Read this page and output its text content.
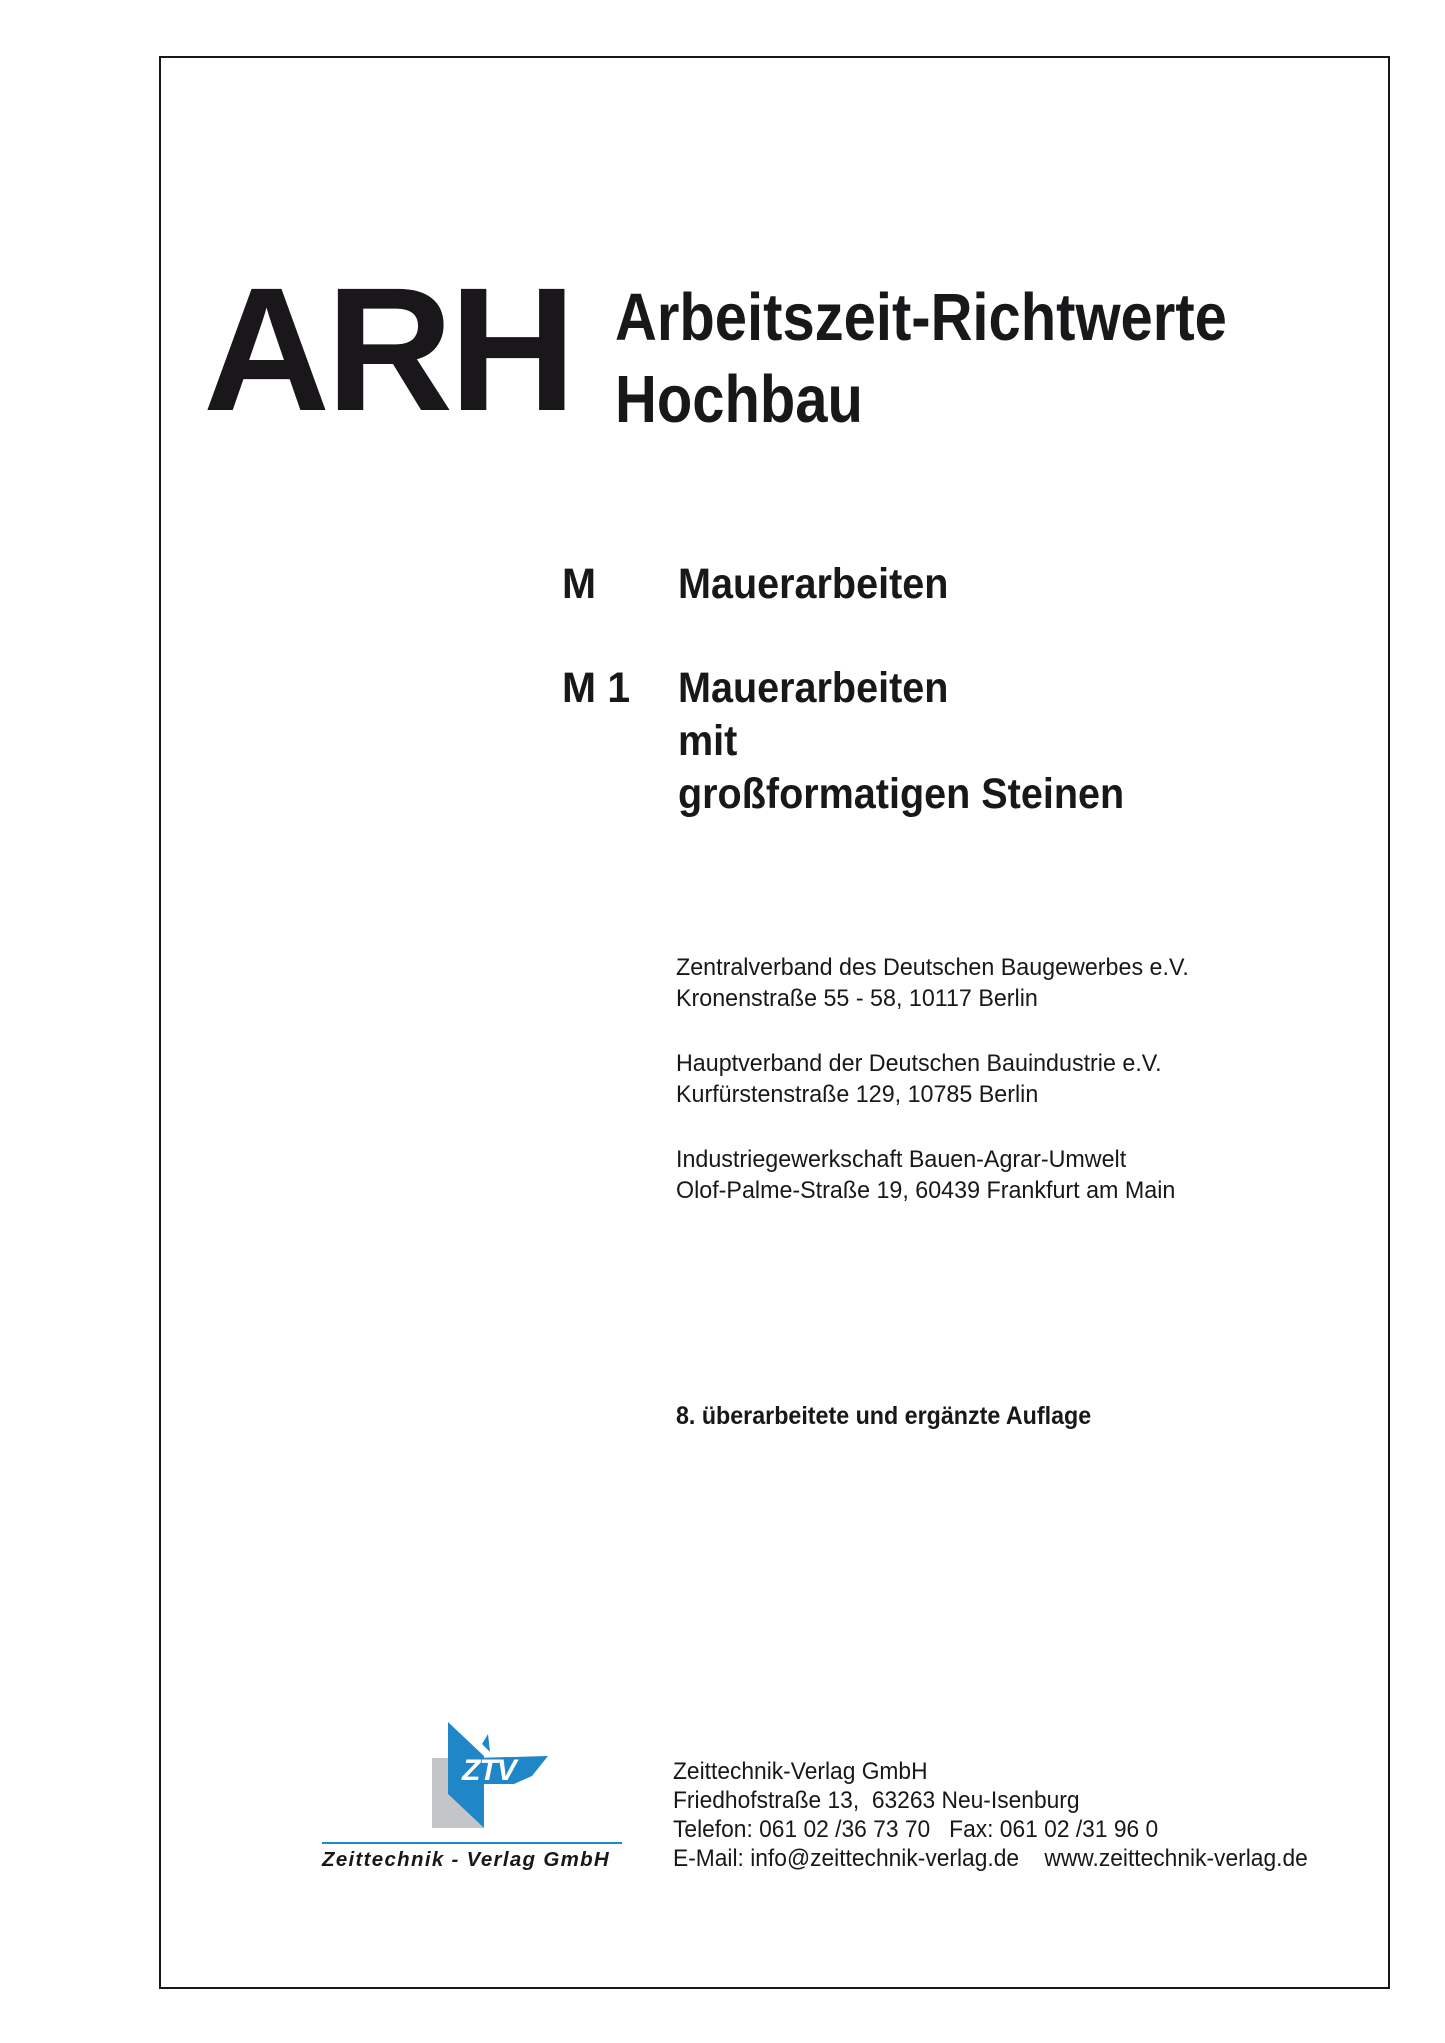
ARH Arbeitszeit-Richtwerte
Hochbau
M Mauerarbeiten
M 1 Mauerarbeiten
mit
großformatigen Steinen
Zentralverband des Deutschen Baugewerbes e.V.
Kronenstraße 55 - 58, 10117 Berlin
Hauptverband der Deutschen Bauindustrie e.V.
Kurfürstenstraße 129, 10785 Berlin
Industriegewerkschaft Bauen-Agrar-Umwelt
Olof-Palme-Straße 19, 60439 Frankfurt am Main
8. überarbeitete und ergänzte Auflage
ZTV
Zeittechnik - Verlag GmbH
Zeittechnik-Verlag GmbH
Friedhofstraße 13,  63263 Neu-Isenburg
Telefon: 061 02 /36 73 70   Fax: 061 02 /31 96 0
E-Mail: info@zeittechnik-verlag.de    www.zeittechnik-verlag.de
